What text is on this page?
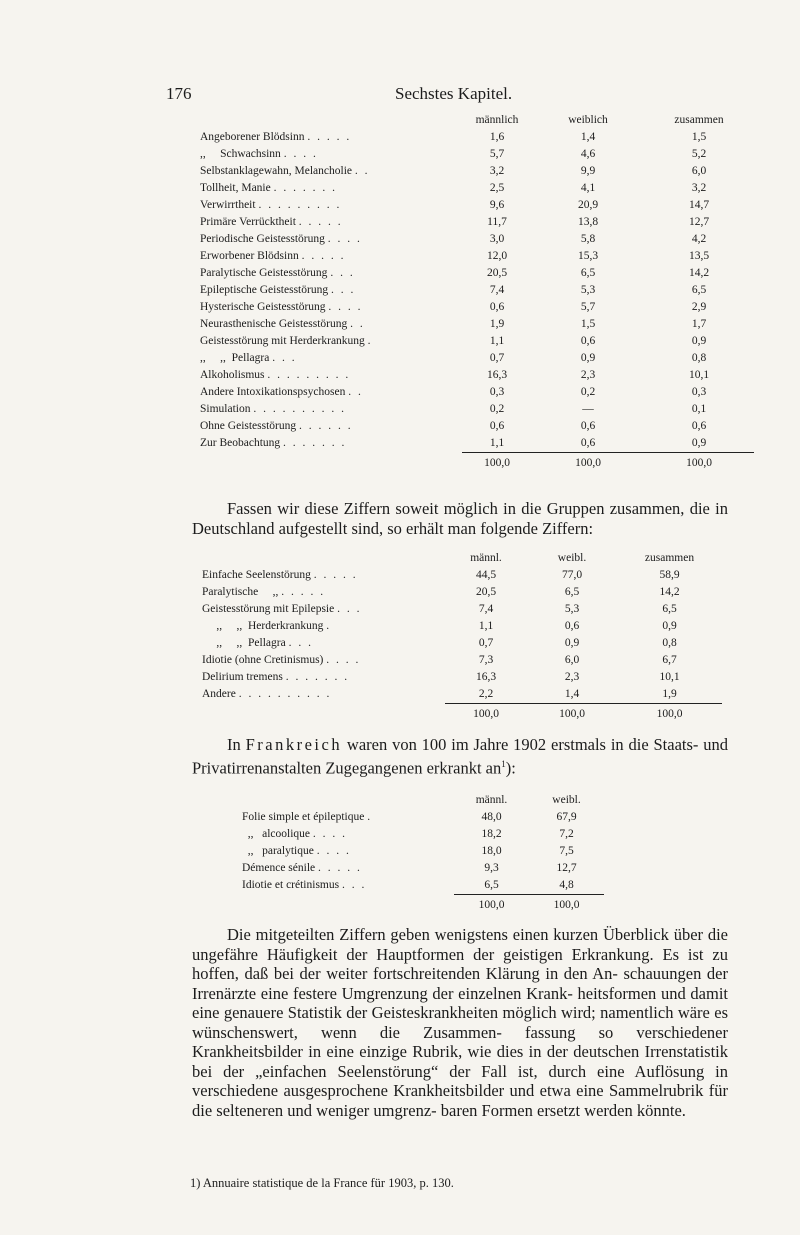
176	Sechstes Kapitel.
	männlich	weiblich	zusammen
Angeborener Blödsinn . . . . .	1,6	1,4	1,5
,,     Schwachsinn . . . .	5,7	4,6	5,2
Selbstanklagewahn, Melancholie . .	3,2	9,9	6,0
Tollheit, Manie . . . . . . .	2,5	4,1	3,2
Verwirrtheit . . . . . . . . .	9,6	20,9	14,7
Primäre Verrücktheit . . . . .	11,7	13,8	12,7
Periodische Geistesstörung . . . .	3,0	5,8	4,2
Erworbener Blödsinn . . . . .	12,0	15,3	13,5
Paralytische Geistesstörung . . .	20,5	6,5	14,2
Epileptische Geistesstörung . . .	7,4	5,3	6,5
Hysterische Geistesstörung . . . .	0,6	5,7	2,9
Neurasthenische Geistesstörung . .	1,9	1,5	1,7
Geistesstörung mit Herderkrankung .	1,1	0,6	0,9
,,     ,,  Pellagra . . .	0,7	0,9	0,8
Alkoholismus . . . . . . . . .	16,3	2,3	10,1
Andere Intoxikationspsychosen . .	0,3	0,2	0,3
Simulation . . . . . . . . . .	0,2	—	0,1
Ohne Geistesstörung . . . . . .	0,6	0,6	0,6
Zur Beobachtung . . . . . . .	1,1	0,6	0,9
	100,0	100,0	100,0

Fassen wir diese Ziffern soweit möglich in die Gruppen zusammen, die in Deutschland aufgestellt sind, so erhält man folgende Ziffern:

	männl.	weibl.	zusammen
Einfache Seelenstörung . . . . .	44,5	77,0	58,9
Paralytische     ,, . . . . .	20,5	6,5	14,2
Geistesstörung mit Epilepsie . . .	7,4	5,3	6,5
,,     ,,  Herderkrankung .	1,1	0,6	0,9
,,     ,,  Pellagra . . .	0,7	0,9	0,8
Idiotie (ohne Cretinismus) . . . .	7,3	6,0	6,7
Delirium tremens . . . . . . .	16,3	2,3	10,1
Andere . . . . . . . . . .	2,2	1,4	1,9
	100,0	100,0	100,0

In Frankreich waren von 100 im Jahre 1902 erstmals in die Staats- und Privatirrenanstalten Zugegangenen erkrankt $an^1$):

	männl.	weibl.
Folie simple et épileptique .	48,0	67,9
,,   alcoolique . . . .	18,2	7,2
,,   paralytique . . . .	18,0	7,5
Démence sénile . . . . .	9,3	12,7
Idiotie et crétinismus . . .	6,5	4,8
	100,0	100,0

Die mitgeteilten Ziffern geben wenigstens einen kurzen Überblick über die ungefähre Häufigkeit der Hauptformen der geistigen Erkrankung. Es ist zu hoffen, daß bei der weiter fortschreitenden Klärung in den An- schauungen der Irrenärzte eine festere Umgrenzung der einzelnen Krank- heitsformen und damit eine genauere Statistik der Geisteskrankheiten möglich wird; namentlich wäre es wünschenswert, wenn die Zusammen- fassung so verschiedener Krankheitsbilder in eine einzige Rubrik, wie dies in der deutschen Irrenstatistik bei der „einfachen Seelenstörung“ der Fall ist, durch eine Auflösung in verschiedene ausgesprochene Krankheitsbilder und etwa eine Sammelrubrik für die selteneren und weniger umgrenz- baren Formen ersetzt werden könnte.

1) Annuaire statistique de la France für 1903, p. 130.
